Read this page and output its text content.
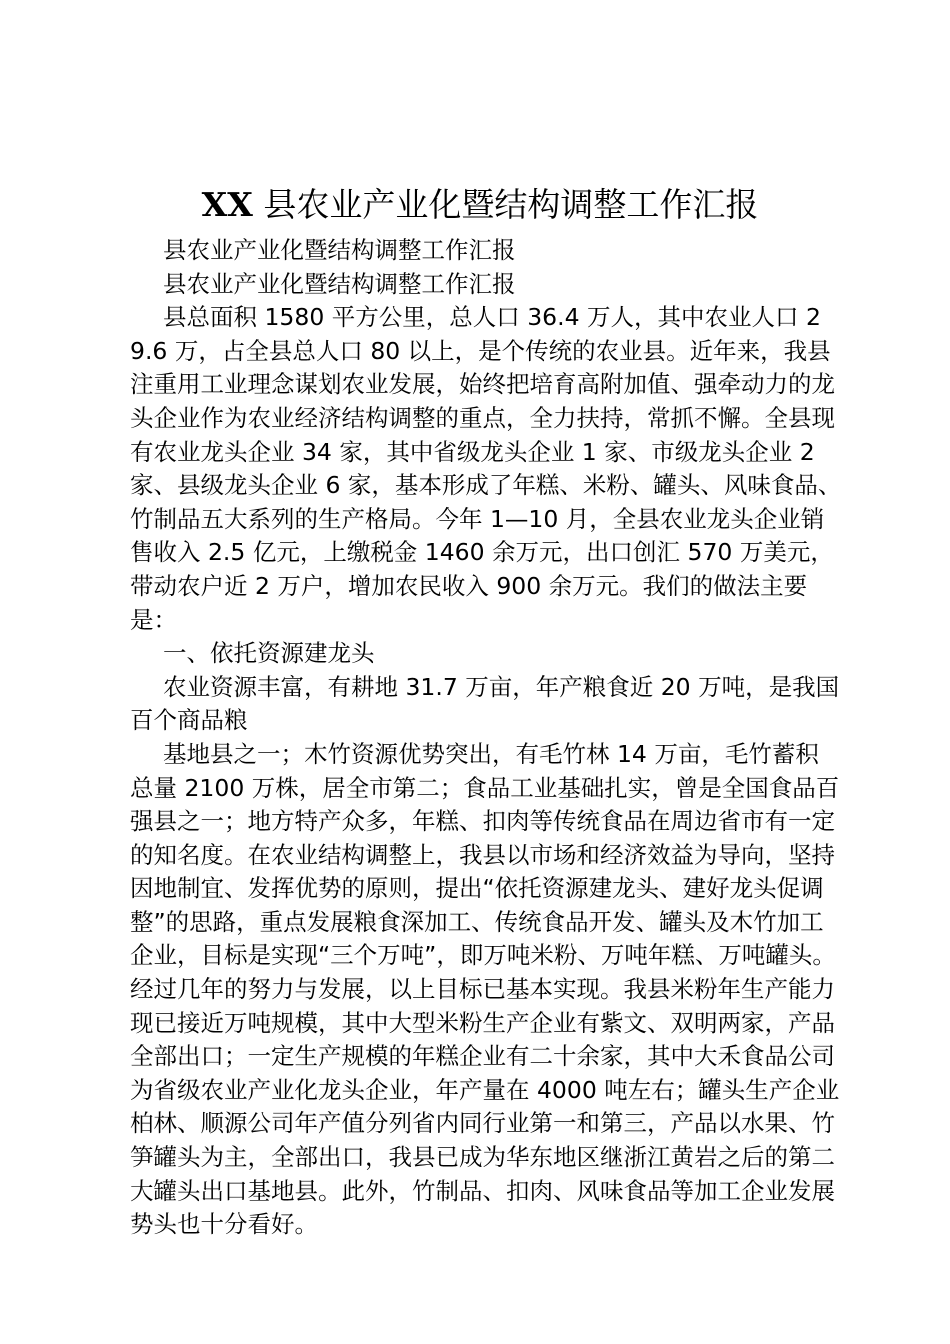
XX 县农业产业化暨结构调整工作汇报

县农业产业化暨结构调整工作汇报

县农业产业化暨结构调整工作汇报

县总面积 1580 平方公里，总人口 36.4 万人，其中农业人口 29.6 万，占全县总人口 80 以上，是个传统的农业县。近年来，我县注重用工业理念谋划农业发展，始终把培育高附加值、强牵动力的龙头企业作为农业经济结构调整的重点，全力扶持，常抓不懈。全县现有农业龙头企业 34 家，其中省级龙头企业 1 家、市级龙头企业 2 家、县级龙头企业 6 家，基本形成了年糕、米粉、罐头、风味食品、竹制品五大系列的生产格局。今年 1—10 月，全县农业龙头企业销售收入 2.5 亿元，上缴税金 1460 余万元，出口创汇 570 万美元，带动农户近 2 万户，增加农民收入 900 余万元。我们的做法主要是：

一、依托资源建龙头

农业资源丰富，有耕地 31.7 万亩，年产粮食近 20 万吨，是我国百个商品粮

基地县之一；木竹资源优势突出，有毛竹林 14 万亩，毛竹蓄积总量 2100 万株，居全市第二；食品工业基础扎实，曾是全国食品百强县之一；地方特产众多，年糕、扣肉等传统食品在周边省市有一定的知名度。在农业结构调整上，我县以市场和经济效益为导向，坚持因地制宜、发挥优势的原则，提出“依托资源建龙头、建好龙头促调整”的思路，重点发展粮食深加工、传统食品开发、罐头及木竹加工企业，目标是实现“三个万吨”，即万吨米粉、万吨年糕、万吨罐头。经过几年的努力与发展，以上目标已基本实现。我县米粉年生产能力现已接近万吨规模，其中大型米粉生产企业有紫文、双明两家，产品全部出口；一定生产规模的年糕企业有二十余家，其中大禾食品公司为省级农业产业化龙头企业，年产量在 4000 吨左右；罐头生产企业柏林、顺源公司年产值分列省内同行业第一和第三，产品以水果、竹笋罐头为主，全部出口，我县已成为华东地区继浙江黄岩之后的第二大罐头出口基地县。此外，竹制品、扣肉、风味食品等加工企业发展势头也十分看好。
